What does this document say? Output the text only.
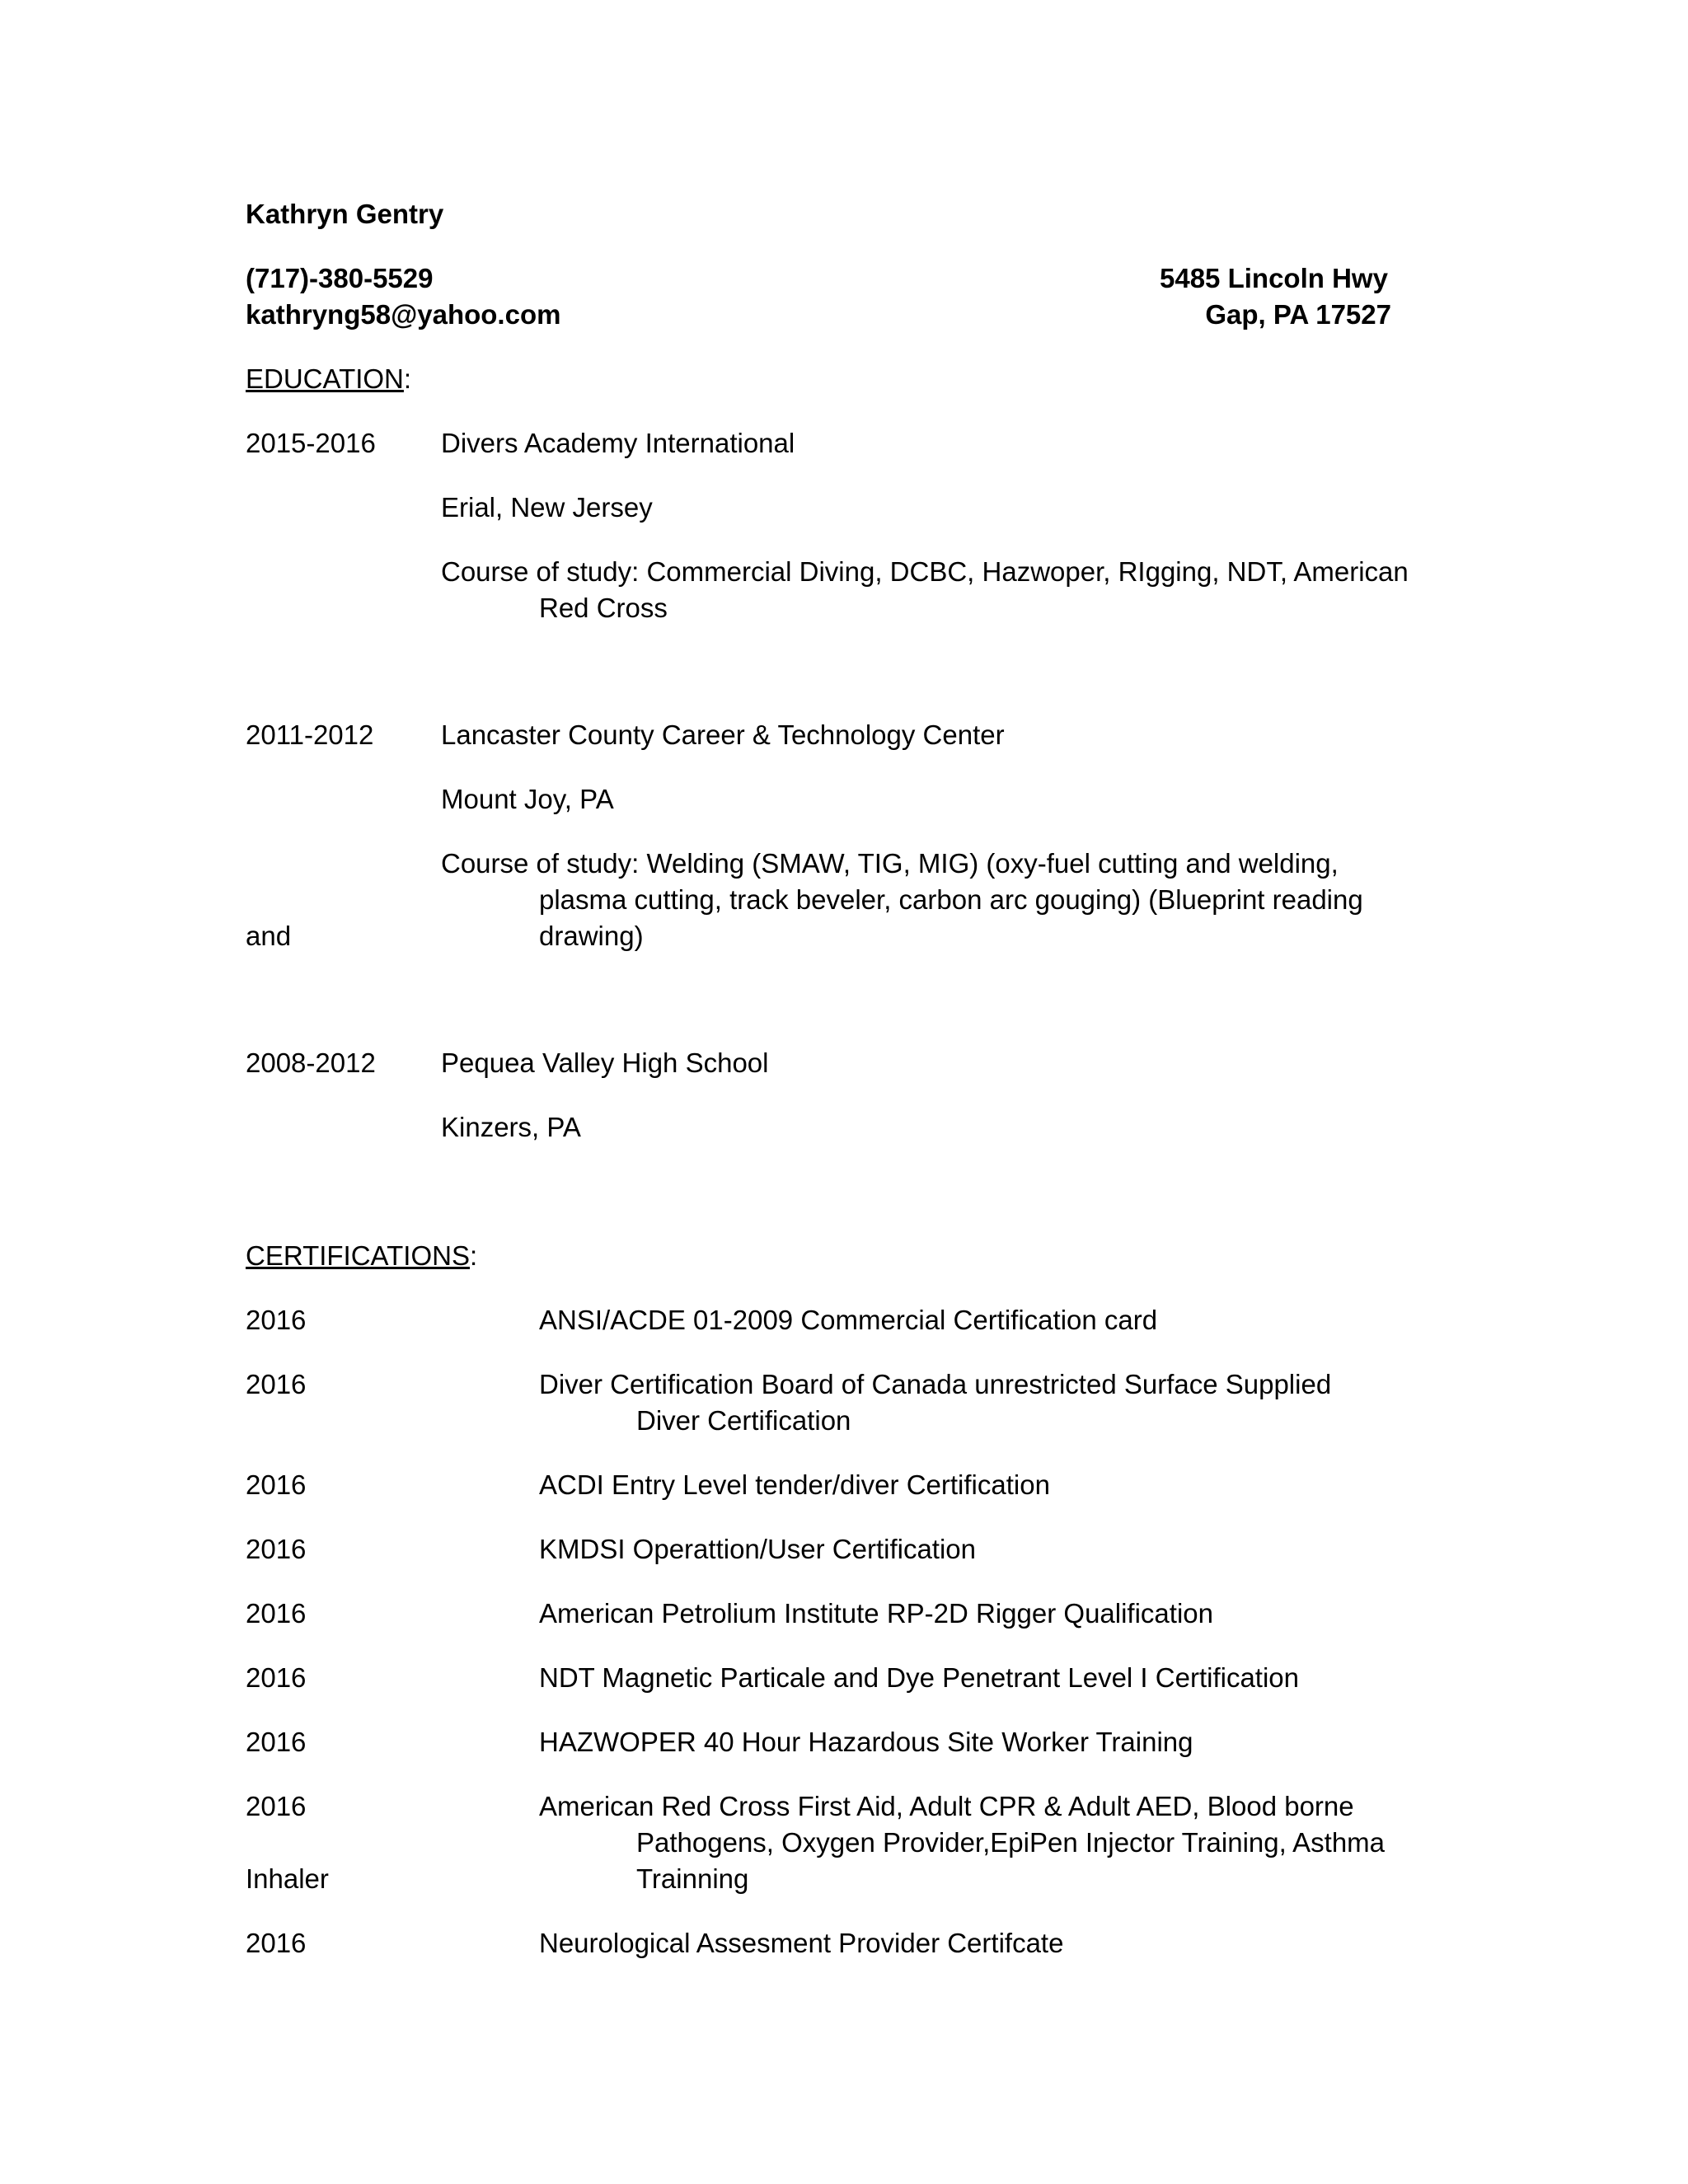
Kathryn Gentry
(717)-380-5529
kathryng58@yahoo.com
5485 Lincoln Hwy
Gap, PA 17527
EDUCATION:
2015-2016 Divers Academy International
Erial, New Jersey
Course of study: Commercial Diving, DCBC, Hazwoper, RIgging, NDT, American
Red Cross
2011-2012 Lancaster County Career & Technology Center
Mount Joy, PA
Course of study: Welding (SMAW, TIG, MIG) (oxy-fuel cutting and welding,
plasma cutting, track beveler, carbon arc gouging) (Blueprint reading
and	drawing)
2008-2012 Pequea Valley High School
Kinzers, PA
CERTIFICATIONS:
2016	ANSI/ACDE 01-2009 Commercial Certification card
2016	Diver Certification Board of Canada unrestricted Surface Supplied
Diver Certification
2016	ACDI Entry Level tender/diver Certification
2016	KMDSI Operattion/User Certification
2016	American Petrolium Institute RP-2D Rigger Qualification
2016	NDT Magnetic Particale and Dye Penetrant Level I Certification
2016	HAZWOPER 40 Hour Hazardous Site Worker Training
2016	American Red Cross First Aid, Adult CPR & Adult AED, Blood borne
Pathogens, Oxygen Provider,EpiPen Injector Training, Asthma
Inhaler	Trainning
2016	Neurological Assesment Provider Certifcate
